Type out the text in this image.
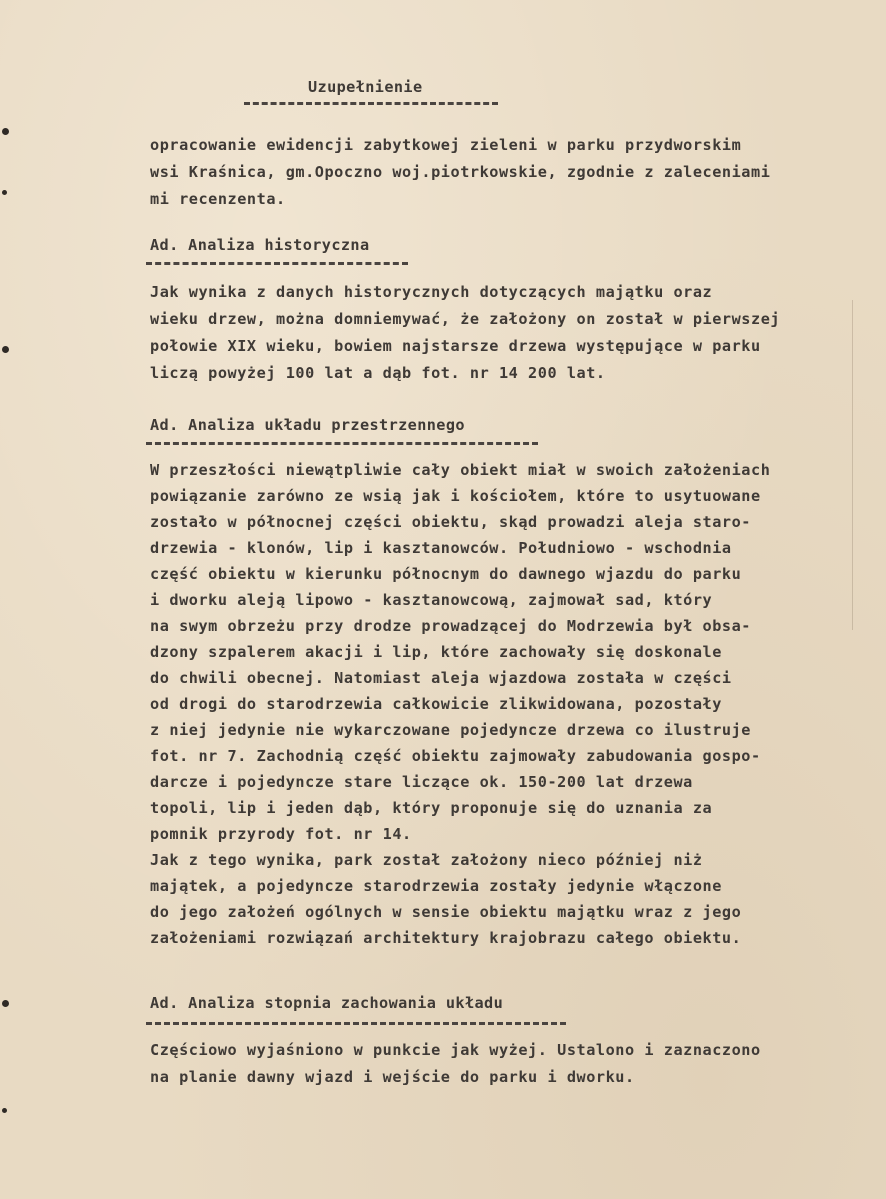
Uzupełnienie
opracowanie ewidencji zabytkowej zieleni w parku przydworskim
wsi Kraśnica, gm.Opoczno woj.piotrkowskie, zgodnie z zaleceniami
mi recenzenta.
Ad. Analiza historyczna
Jak wynika z danych historycznych dotyczących majątku oraz
wieku drzew, można domniemywać, że założony on został w pierwszej
połowie XIX wieku, bowiem najstarsze drzewa występujące w parku
liczą powyżej 100 lat a dąb fot. nr 14 200 lat.
Ad. Analiza układu przestrzennego
W przeszłości niewątpliwie cały obiekt miał w swoich założeniach
powiązanie zarówno ze wsią jak i kościołem, które to usytuowane
zostało w północnej części obiektu, skąd prowadzi aleja staro-
drzewia - klonów, lip i kasztanowców. Południowo - wschodnia
część obiektu w kierunku północnym do dawnego wjazdu do parku
i dworku aleją lipowo - kasztanowcową, zajmował sad, który
na swym obrzeżu przy drodze prowadzącej do Modrzewia był obsa-
dzony szpalerem akacji i lip, które zachowały się doskonale
do chwili obecnej. Natomiast aleja wjazdowa została w części
od drogi do starodrzewia całkowicie zlikwidowana, pozostały
z niej jedynie nie wykarczowane pojedyncze drzewa co ilustruje
fot. nr 7. Zachodnią część obiektu zajmowały zabudowania gospo-
darcze i pojedyncze stare liczące ok. 150-200 lat drzewa
topoli, lip i jeden dąb, który proponuje się do uznania za
pomnik przyrody fot. nr 14.
Jak z tego wynika, park został założony nieco później niż
majątek, a pojedyncze starodrzewia zostały jedynie włączone
do jego założeń ogólnych w sensie obiektu majątku wraz z jego
założeniami rozwiązań architektury krajobrazu całego obiektu.
Ad. Analiza stopnia zachowania układu
Częściowo wyjaśniono w punkcie jak wyżej. Ustalono i zaznaczono
na planie dawny wjazd i wejście do parku i dworku.
